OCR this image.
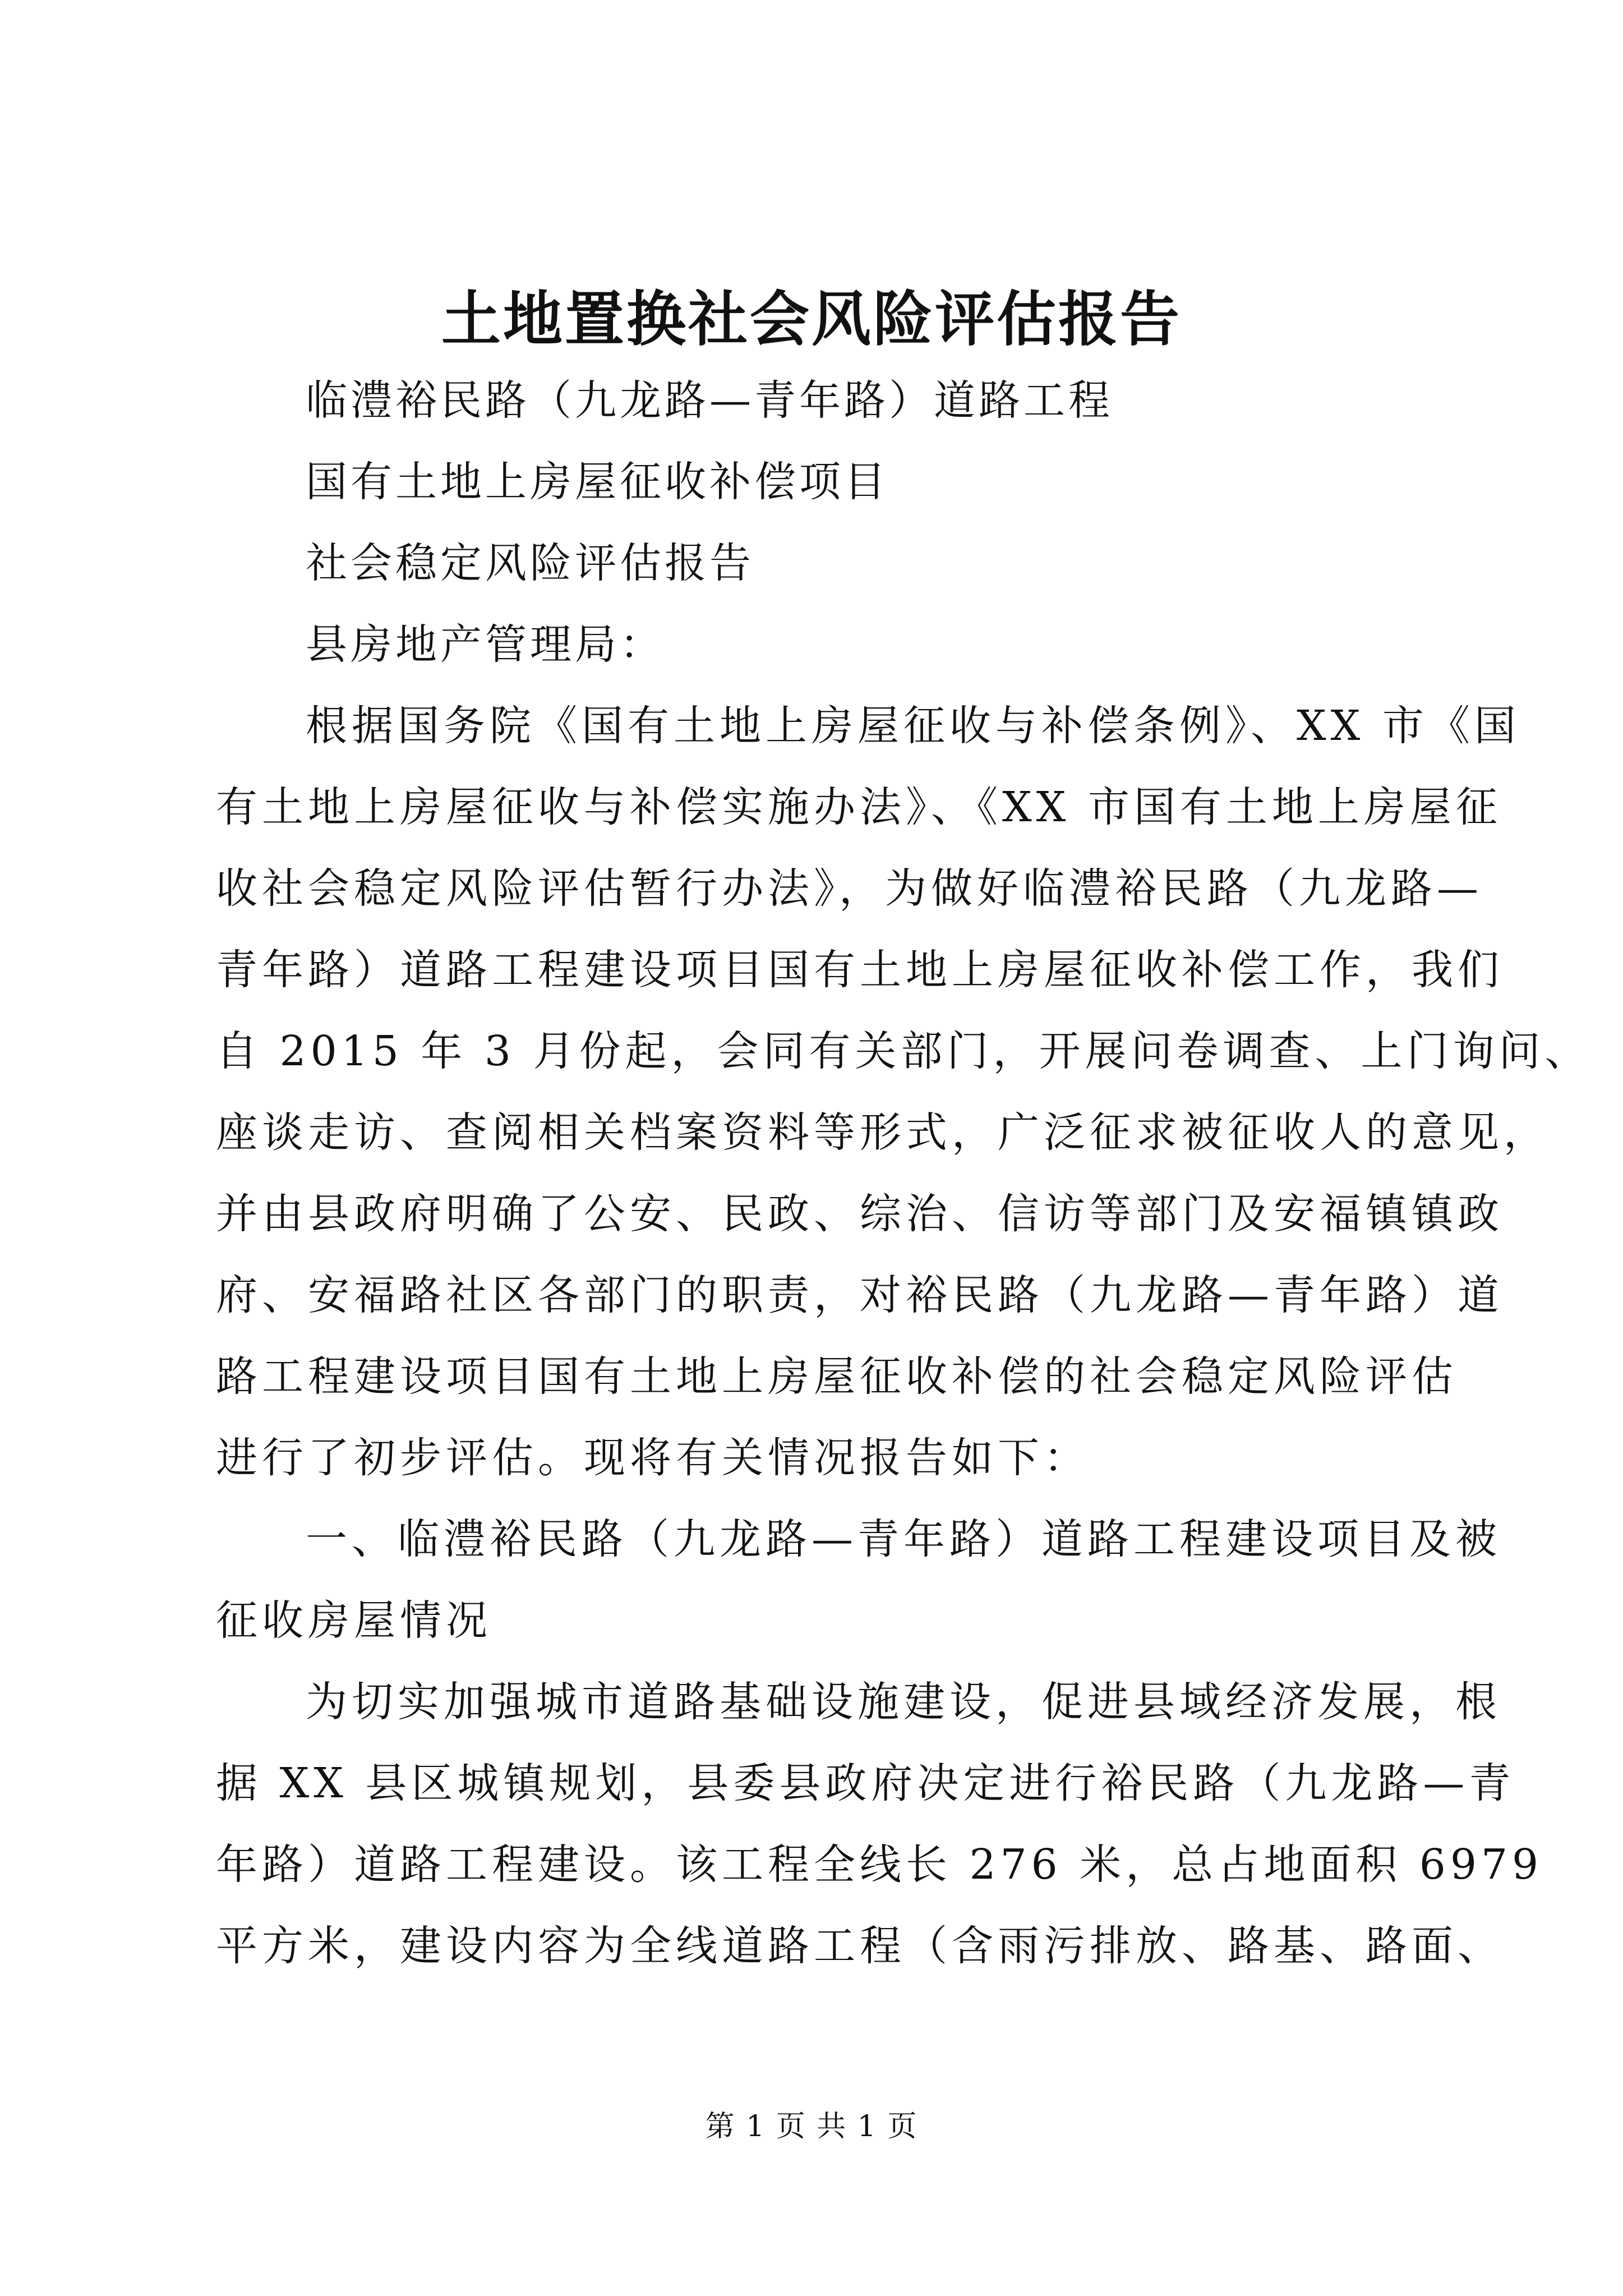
土地置换社会风险评估报告
临澧裕民路（九龙路—青年路）道路工程
国有土地上房屋征收补偿项目
社会稳定风险评估报告
县房地产管理局：
根据国务院《国有土地上房屋征收与补偿条例》、XX 市《国
有土地上房屋征收与补偿实施办法》、《XX 市国有土地上房屋征
收社会稳定风险评估暂行办法》，为做好临澧裕民路（九龙路—
青年路）道路工程建设项目国有土地上房屋征收补偿工作，我们
自 2015 年 3 月份起，会同有关部门，开展问卷调查、上门询问、
座谈走访、查阅相关档案资料等形式，广泛征求被征收人的意见，
并由县政府明确了公安、民政、综治、信访等部门及安福镇镇政
府、安福路社区各部门的职责，对裕民路（九龙路—青年路）道
路工程建设项目国有土地上房屋征收补偿的社会稳定风险评估
进行了初步评估。现将有关情况报告如下：
一、临澧裕民路（九龙路—青年路）道路工程建设项目及被
征收房屋情况
为切实加强城市道路基础设施建设，促进县域经济发展，根
据 XX 县区城镇规划，县委县政府决定进行裕民路（九龙路—青
年路）道路工程建设。该工程全线长 276 米，总占地面积 6979
平方米，建设内容为全线道路工程（含雨污排放、路基、路面、
第 1 页 共 1 页
